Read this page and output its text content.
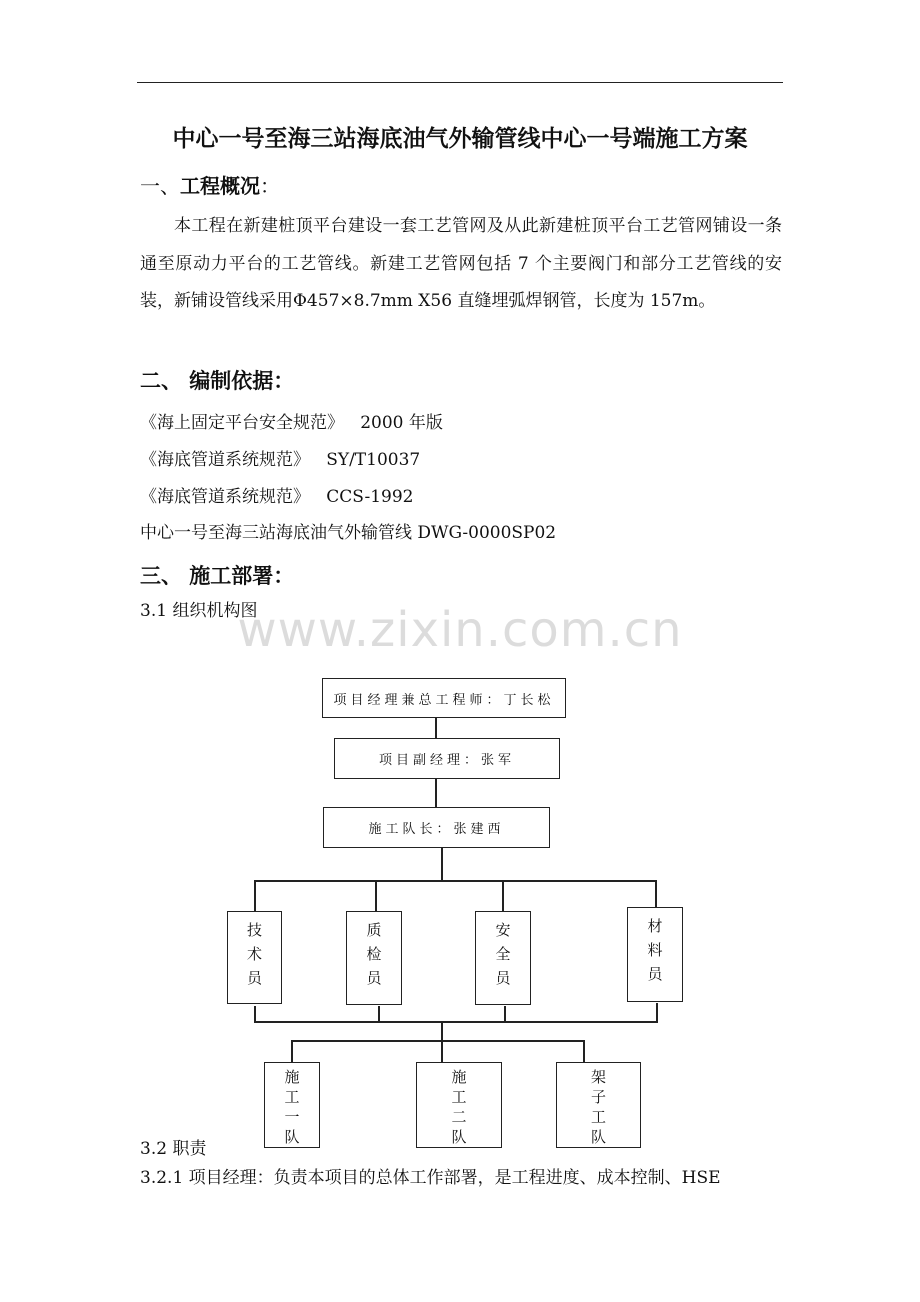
中心一号至海三站海底油气外输管线中心一号端施工方案
一、工程概况：
本工程在新建桩顶平台建设一套工艺管网及从此新建桩顶平台工艺管网铺设一条通至原动力平台的工艺管线。新建工艺管网包括 7 个主要阀门和部分工艺管线的安装，新铺设管线采用Φ457×8.7mm X56 直缝埋弧焊钢管，长度为 157m。
二、 编制依据：
《海上固定平台安全规范》   2000 年版
《海底管道系统规范》   SY/T10037
《海底管道系统规范》   CCS-1992
中心一号至海三站海底油气外输管线 DWG-0000SP02
三、 施工部署：
3.1 组织机构图
www.zixin.com.cn
项目经理兼总工程师：丁长松
项目副经理：张军
施工队长：张建西
技
术
员
质
检
员
安
全
员
材
料
员
施
工
一
队
施
工
二
队
架
子
工
队
3.2 职责
3.2.1 项目经理：负责本项目的总体工作部署，是工程进度、成本控制、HSE
